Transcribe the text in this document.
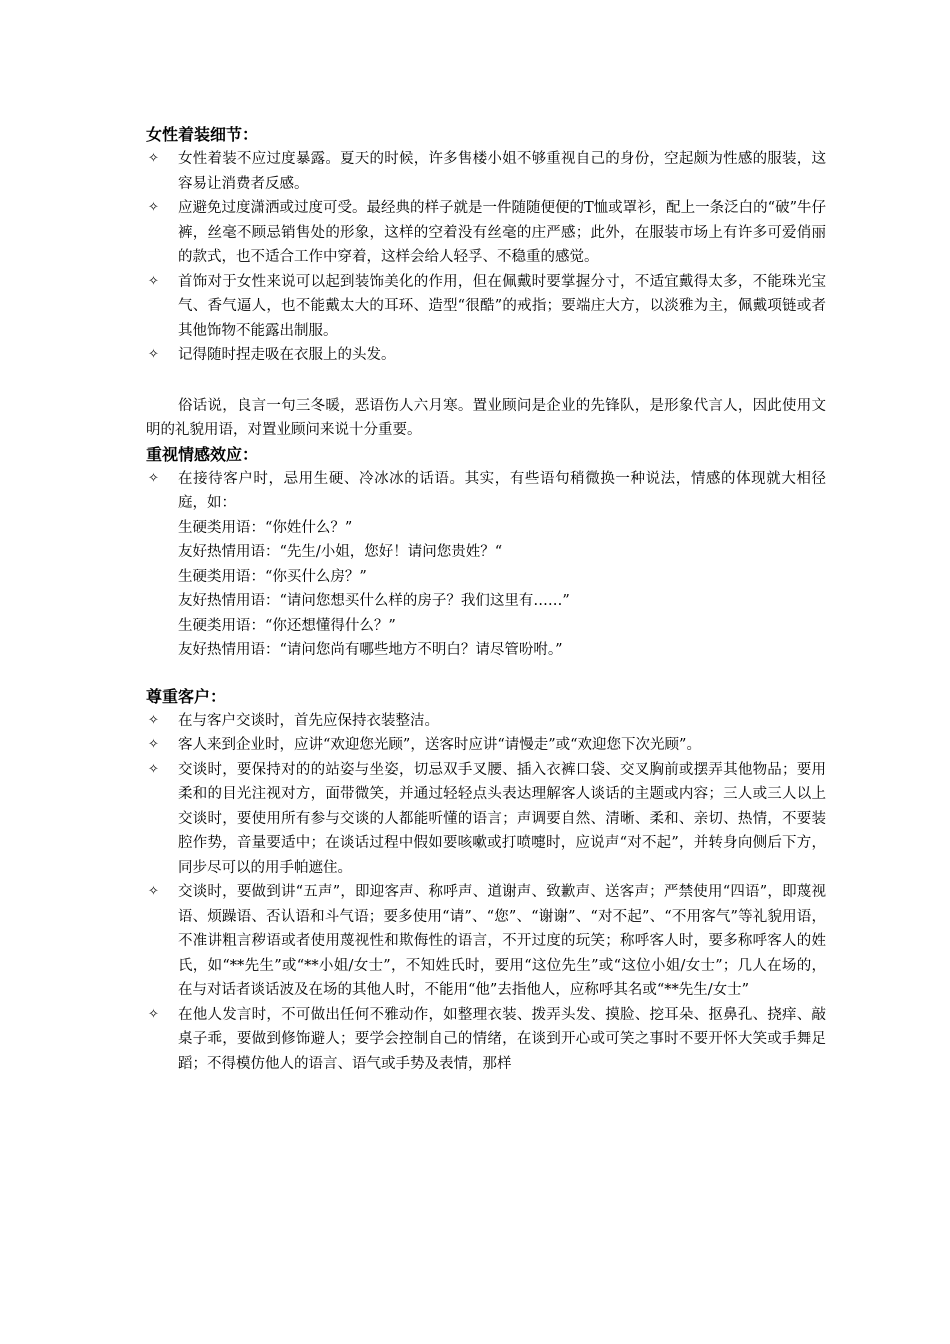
女性着装细节：
✧ 女性着装不应过度暴露。夏天的时候，许多售楼小姐不够重视自己的身份，空起颇为性感的服装，这容易让消费者反感。
✧ 应避免过度潇洒或过度可受。最经典的样子就是一件随随便便的T恤或罩衫，配上一条泛白的“破”牛仔裤，丝毫不顾忌销售处的形象，这样的空着没有丝毫的庄严感；此外，在服装市场上有许多可爱俏丽的款式，也不适合工作中穿着，这样会给人轻孚、不稳重的感觉。
✧ 首饰对于女性来说可以起到装饰美化的作用，但在佩戴时要掌握分寸，不适宜戴得太多，不能珠光宝气、香气逼人，也不能戴太大的耳环、造型“很酷”的戒指；要端庄大方，以淡雅为主，佩戴项链或者其他饰物不能露出制服。
✧ 记得随时捏走吸在衣服上的头发。

俗话说，良言一句三冬暖，恶语伤人六月寒。置业顾问是企业的先锋队，是形象代言人，因此使用文明的礼貌用语，对置业顾问来说十分重要。

重视情感效应：
✧ 在接待客户时，忌用生硬、冷冰冰的话语。其实，有些语句稍微换一种说法，情感的体现就大相径庭，如：
生硬类用语：“你姓什么？”
友好热情用语：“先生/小姐，您好！请问您贵姓？“
生硬类用语：“你买什么房？”
友好热情用语：“请问您想买什么样的房子？我们这里有……”
生硬类用语：“你还想懂得什么？”
友好热情用语：“请问您尚有哪些地方不明白？请尽管吩咐。”
尊重客户：
✧ 在与客户交谈时，首先应保持衣装整洁。
✧ 客人来到企业时，应讲“欢迎您光顾”，送客时应讲“请慢走”或“欢迎您下次光顾”。
✧ 交谈时，要保持对的的站姿与坐姿，切忌双手叉腰、插入衣裤口袋、交叉胸前或摆弄其他物品；要用柔和的目光注视对方，面带微笑，并通过轻轻点头表达理解客人谈话的主题或内容；三人或三人以上交谈时，要使用所有参与交谈的人都能听懂的语言；声调要自然、清晰、柔和、亲切、热情，不要装腔作势，音量要适中；在谈话过程中假如要咳嗽或打喷嚏时，应说声“对不起”，并转身向侧后下方，同步尽可以的用手帕遮住。
✧ 交谈时，要做到讲“五声”，即迎客声、称呼声、道谢声、致歉声、送客声；严禁使用“四语”，即蔑视语、烦躁语、否认语和斗气语；要多使用“请”、“您”、“谢谢”、“对不起”、“不用客气”等礼貌用语，不准讲粗言秽语或者使用蔑视性和欺侮性的语言，不开过度的玩笑；称呼客人时，要多称呼客人的姓氏，如“**先生”或“**小姐/女士”，不知姓氏时，要用“这位先生”或“这位小姐/女士”；几人在场的，在与对话者谈话波及在场的其他人时，不能用“他”去指他人，应称呼其名或“**先生/女士”
✧ 在他人发言时，不可做出任何不雅动作，如整理衣装、拨弄头发、摸脸、挖耳朵、抠鼻孔、挠痒、敲桌子乖，要做到修饰避人；要学会控制自己的情绪，在谈到开心或可笑之事时不要开怀大笑或手舞足蹈；不得模仿他人的语言、语气或手势及表情，那样
